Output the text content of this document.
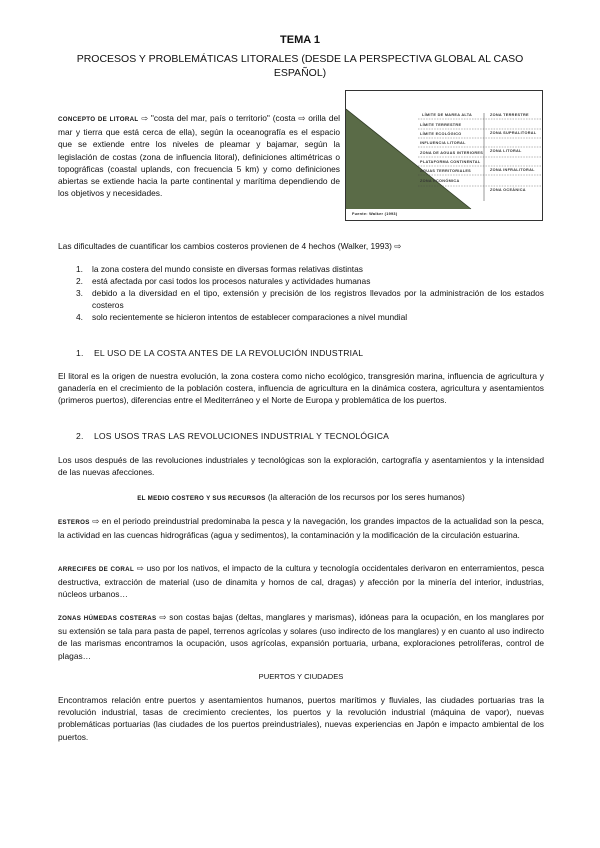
TEMA 1
PROCESOS Y PROBLEMÁTICAS LITORALES (DESDE LA PERSPECTIVA GLOBAL AL CASO ESPAÑOL)
CONCEPTO DE LITORAL ⇨ "costa del mar, país o territorio" (costa ⇨ orilla del mar y tierra que está cerca de ella), según la oceanografía es el espacio que se extiende entre los niveles de pleamar y bajamar, según la legislación de costas (zona de influencia litoral), definiciones altimétricas o topográficas (coastal uplands, con frecuencia 5 km) y como definiciones abiertas se extiende hacia la parte continental y marítima dependiendo de los objetivos y necesidades.
LÍMITE DE MAREA ALTA
LÍMITE TERRESTRE
LÍMITE ECOLÓGICO
INFLUENCIA LITORAL
ZONA DE AGUAS INTERIORES
PLATAFORMA CONTINENTAL
AGUAS TERRITORIALES
ZONA ECONÓMICA
ZONA TERRESTRE
ZONA SUPRALITORAL
ZONA LITORAL
ZONA INFRALITORAL
ZONA OCEÁNICA
Fuente: Walker (1993)
Las dificultades de cuantificar los cambios costeros provienen de 4 hechos (Walker, 1993) ⇨
1. la zona costera del mundo consiste en diversas formas relativas distintas
2. está afectada por casi todos los procesos naturales y actividades humanas
3. debido a la diversidad en el tipo, extensión y precisión de los registros llevados por la administración de los estados costeros
4. solo recientemente se hicieron intentos de establecer comparaciones a nivel mundial
1. EL USO DE LA COSTA ANTES DE LA REVOLUCIÓN INDUSTRIAL
El litoral es la origen de nuestra evolución, la zona costera como nicho ecológico, transgresión marina, influencia de agricultura y ganadería en el crecimiento de la población costera, influencia de agricultura en la dinámica costera, agricultura y asentamientos (primeros puertos), diferencias entre el Mediterráneo y el Norte de Europa y problemática de los puertos.
2. LOS USOS TRAS LAS REVOLUCIONES INDUSTRIAL Y TECNOLÓGICA
Los usos después de las revoluciones industriales y tecnológicas son la exploración, cartografía y asentamientos y la intensidad de las nuevas afecciones.
EL MEDIO COSTERO Y SUS RECURSOS (la alteración de los recursos por los seres humanos)
ESTEROS ⇨ en el periodo preindustrial predominaba la pesca y la navegación, los grandes impactos de la actualidad son la pesca, la actividad en las cuencas hidrográficas (agua y sedimentos), la contaminación y la modificación de la circulación estuarina.
ARRECIFES DE CORAL ⇨ uso por los nativos, el impacto de la cultura y tecnología occidentales derivaron en enterramientos, pesca destructiva, extracción de material (uso de dinamita y hornos de cal, dragas) y afección por la minería del interior, industrias, núcleos urbanos…
ZONAS HÚMEDAS COSTERAS ⇨ son costas bajas (deltas, manglares y marismas), idóneas para la ocupación, en los manglares por su extensión se tala para pasta de papel, terrenos agrícolas y solares (uso indirecto de los manglares) y en cuanto al uso indirecto de las marismas encontramos la ocupación, usos agrícolas, expansión portuaria, urbana, exploraciones petrolíferas, control de plagas…
PUERTOS Y CIUDADES
Encontramos relación entre puertos y asentamientos humanos, puertos marítimos y fluviales, las ciudades portuarias tras la revolución industrial, tasas de crecimiento crecientes, los puertos y la revolución industrial (máquina de vapor), nuevas problemáticas portuarias (las ciudades de los puertos preindustriales), nuevas experiencias en Japón e impacto ambiental de los puertos.
